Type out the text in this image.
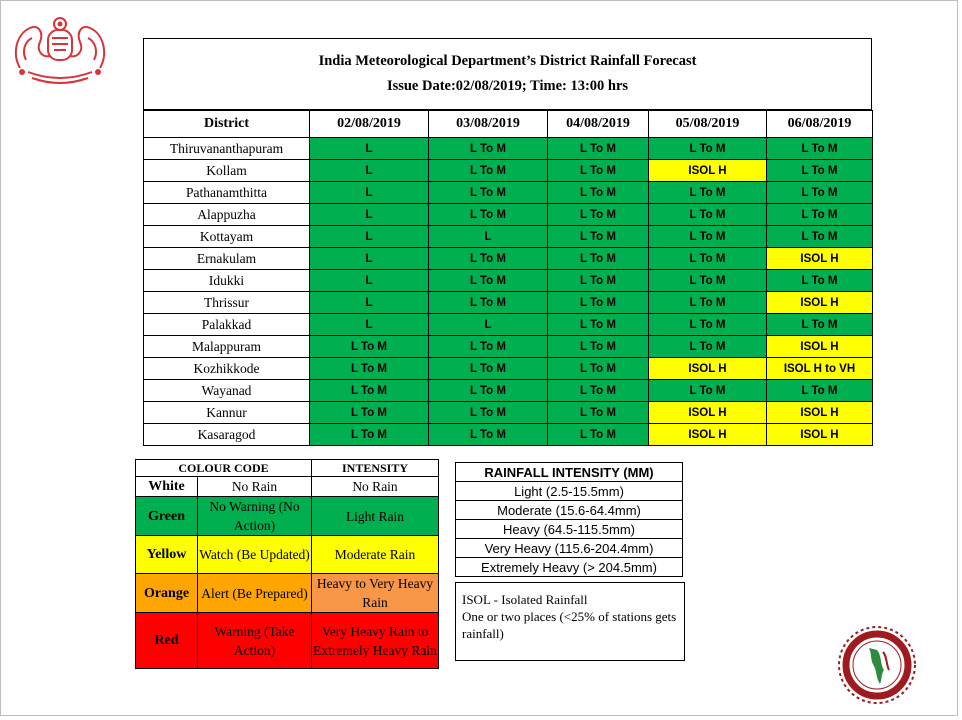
India Meteorological Department’s District Rainfall Forecast
Issue Date:02/08/2019; Time: 13:00 hrs
District	02/08/2019	03/08/2019	04/08/2019	05/08/2019	06/08/2019
Thiruvananthapuram	L	L To M	L To M	L To M	L To M
Kollam	L	L To M	L To M	ISOL H	L To M
Pathanamthitta	L	L To M	L To M	L To M	L To M
Alappuzha	L	L To M	L To M	L To M	L To M
Kottayam	L	L	L To M	L To M	L To M
Ernakulam	L	L To M	L To M	L To M	ISOL H
Idukki	L	L To M	L To M	L To M	L To M
Thrissur	L	L To M	L To M	L To M	ISOL H
Palakkad	L	L	L To M	L To M	L To M
Malappuram	L To M	L To M	L To M	L To M	ISOL H
Kozhikkode	L To M	L To M	L To M	ISOL H	ISOL H to VH
Wayanad	L To M	L To M	L To M	L To M	L To M
Kannur	L To M	L To M	L To M	ISOL H	ISOL H
Kasaragod	L To M	L To M	L To M	ISOL H	ISOL H
COLOUR CODE		INTENSITY
White	No Rain	No Rain
Green	No Warning (No Action)	Light Rain
Yellow	Watch (Be Updated)	Moderate Rain
Orange	Alert (Be Prepared)	Heavy to Very Heavy Rain
Red	Warning (Take Action)	Very Heavy Rain to Extremely Heavy Rain
RAINFALL INTENSITY (MM)
Light (2.5-15.5mm)
Moderate (15.6-64.4mm)
Heavy (64.5-115.5mm)
Very Heavy (115.6-204.4mm)
Extremely Heavy (> 204.5mm)
ISOL - Isolated Rainfall
One or two places (<25% of stations gets rainfall)
